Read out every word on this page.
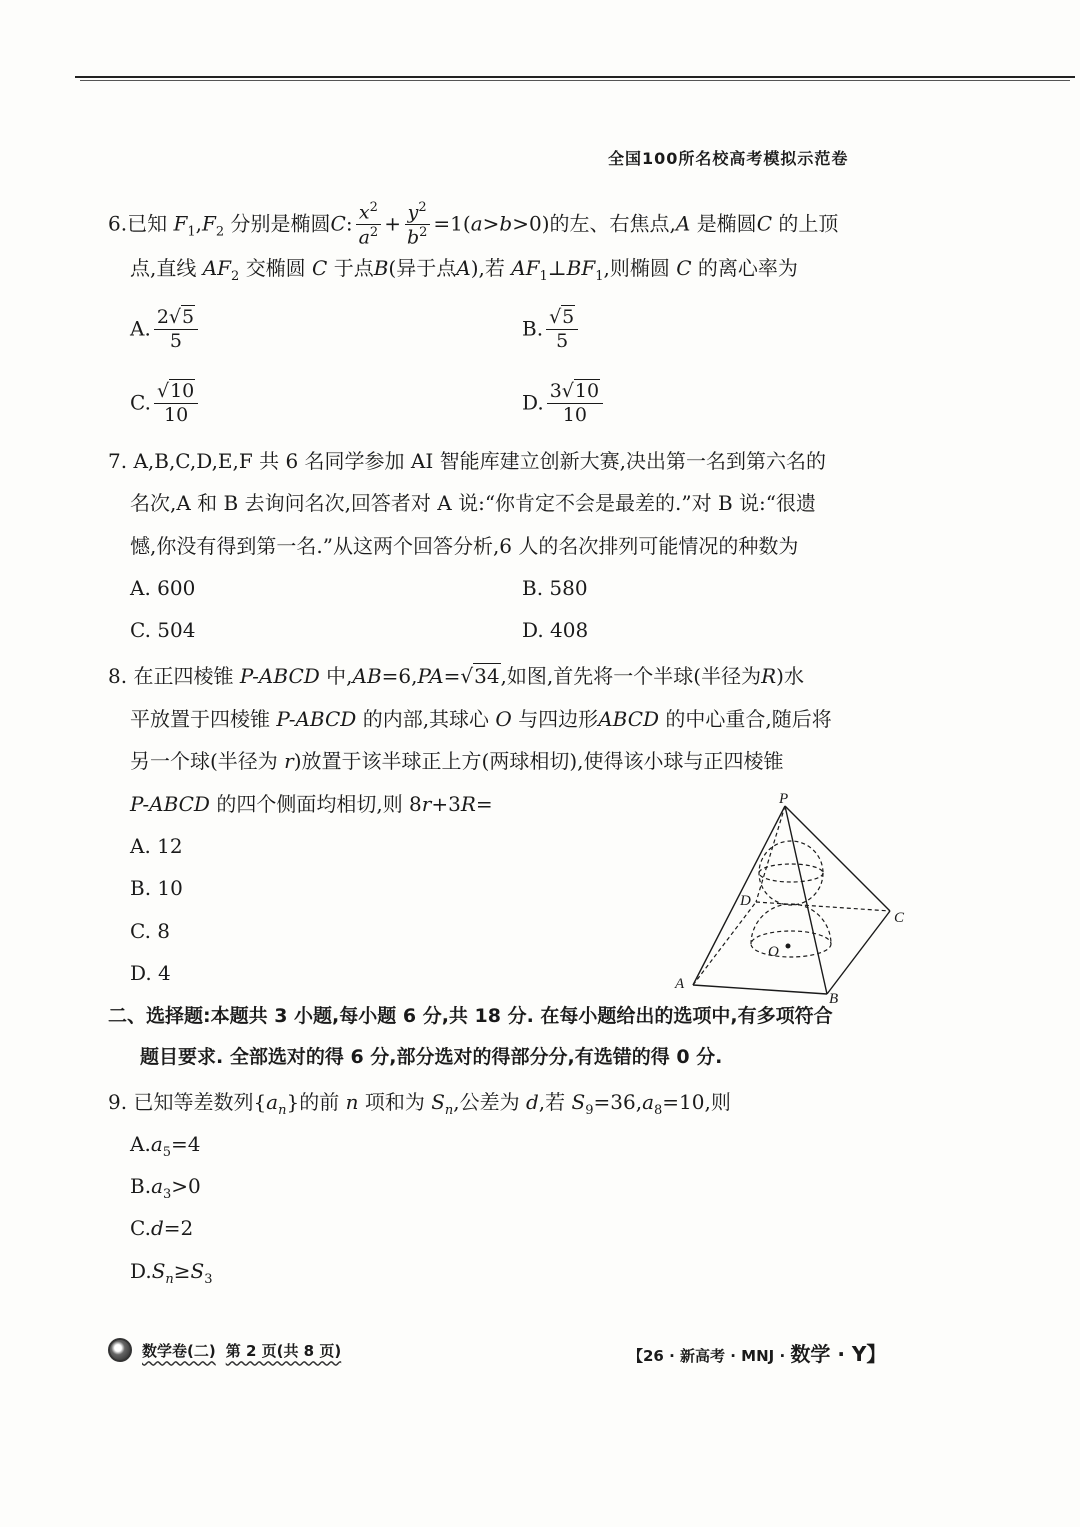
全国100所名校高考模拟示范卷
6.已知 $F_1,F_2$ 分别是椭圆C: $\frac{x^2}{a^2} + \frac{y^2}{b^2} =1(a>b>0)$的左、右焦点,A 是椭圆C 的上顶
点,直线 $AF_2$ 交椭圆 C 于点B(异于点A),若 $AF_1\perp BF_1$,则椭圆 C 的离心率为
A. $\frac{2√5}{5}$	B. $\frac{√5}{5}$
C. $\frac{√10}{10}$	D. $\frac{3√10}{10}$
7. A,B,C,D,E,F 共 6 名同学参加 AI 智能库建立创新大赛,决出第一名到第六名的
名次,A 和 B 去询问名次,回答者对 A 说:“你肯定不会是最差的.”对 B 说:“很遗
憾,你没有得到第一名.”从这两个回答分析,6 人的名次排列可能情况的种数为
A. 600	B. 580
C. 504	D. 408
8. 在正四棱锥 P-ABCD 中,AB=6,PA=√34,如图,首先将一个半球(半径为R)水
平放置于四棱锥 P-ABCD 的内部,其球心 O 与四边形ABCD 的中心重合,随后将
另一个球(半径为 r)放置于该半球正上方(两球相切),使得该小球与正四棱锥
P-ABCD 的四个侧面均相切,则 8r+3R=
A. 12
B. 10
C. 8
D. 4
P
A
B
C
D
O
二、选择题:本题共 3 小题,每小题 6 分,共 18 分. 在每小题给出的选项中,有多项符合
题目要求. 全部选对的得 6 分,部分选对的得部分分,有选错的得 0 分.
9. 已知等差数列$\{a_n\}$的前 n 项和为 $S_n$,公差为 d,若 $S_9=36,a_8=10$,则
$A.a_5=4$
$B.a_3>0$
C.d=2
$D.S_n\ge S_3$
数学卷(二) 第 2 页(共 8 页)	【26 · 新高考 · MNJ · 数学 · Y】
